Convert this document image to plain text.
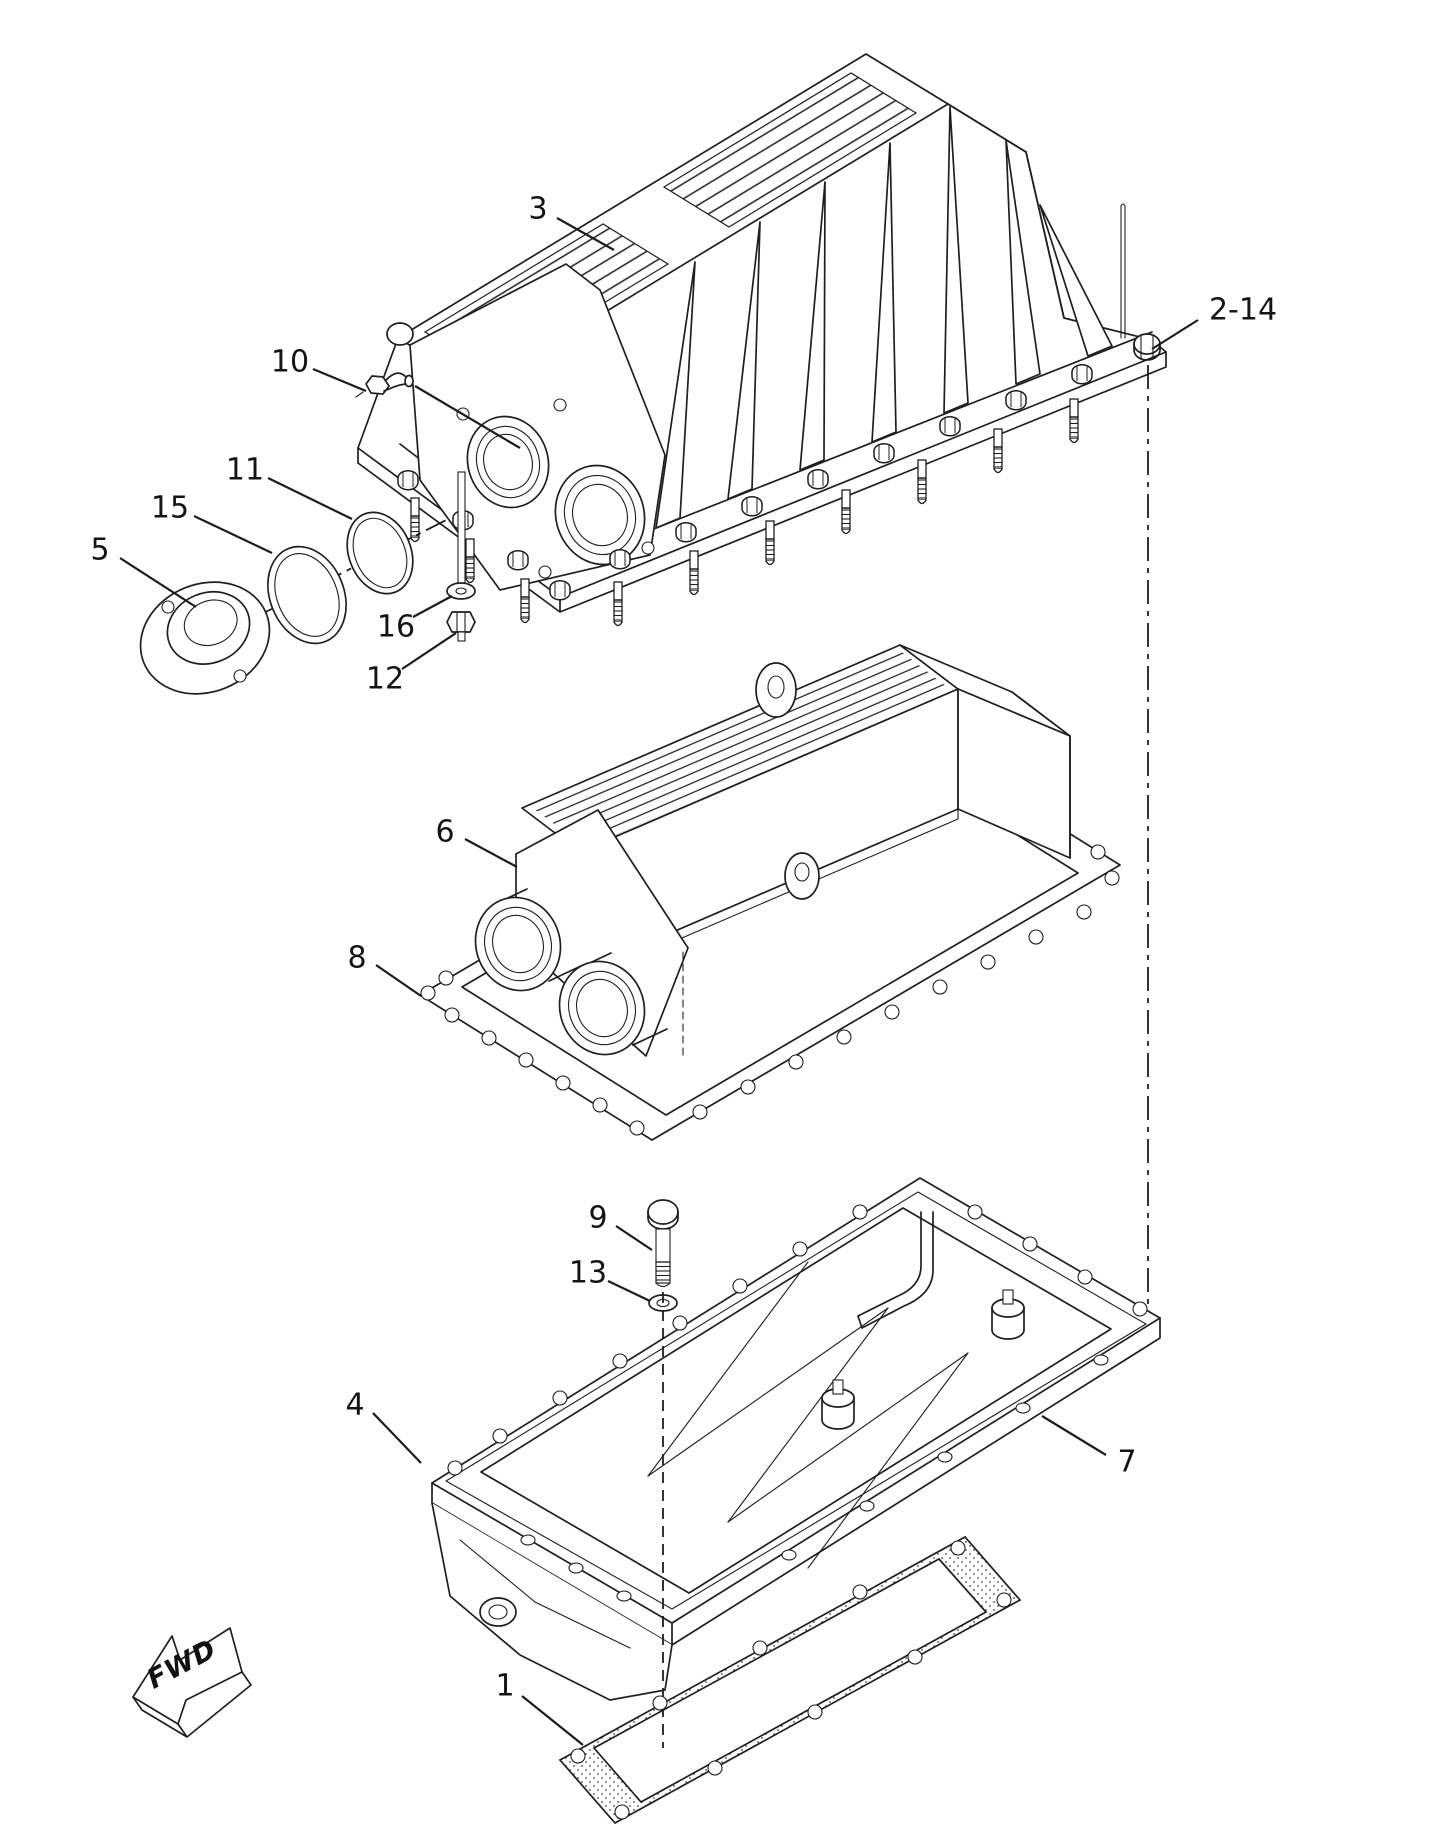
FWD
3
2-14
10
11
15
5
16
12
6
8
9
13
4
7
1
